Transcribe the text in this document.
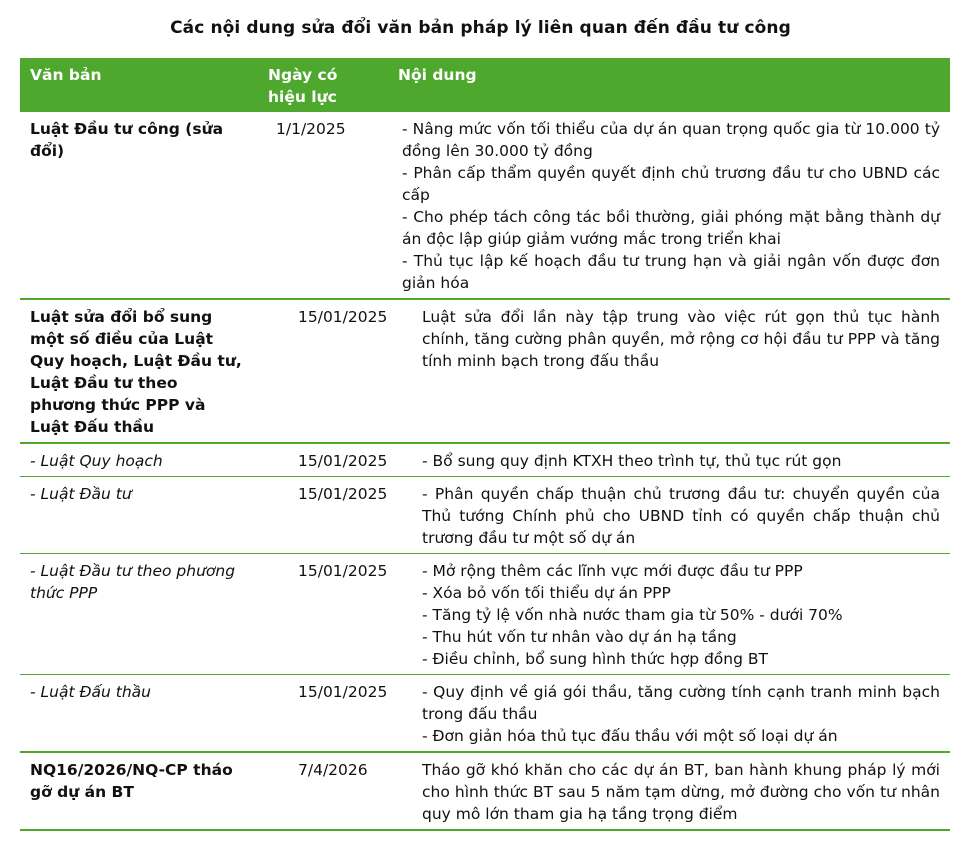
Các nội dung sửa đổi văn bản pháp lý liên quan đến đầu tư công
Văn bản	Ngày có hiệu lực	Nội dung
Luật Đầu tư công (sửa đổi)	1/1/2025	- Nâng mức vốn tối thiểu của dự án quan trọng quốc gia từ 10.000 tỷ đồng lên 30.000 tỷ đồng
- Phân cấp thẩm quyền quyết định chủ trương đầu tư cho UBND các cấp
- Cho phép tách công tác bồi thường, giải phóng mặt bằng thành dự án độc lập giúp giảm vướng mắc trong triển khai
- Thủ tục lập kế hoạch đầu tư trung hạn và giải ngân vốn được đơn giản hóa

Luật sửa đổi bổ sung một số điều của Luật Quy hoạch, Luật Đầu tư, Luật Đầu tư theo phương thức PPP và Luật Đấu thầu	15/01/2025	Luật sửa đổi lần này tập trung vào việc rút gọn thủ tục hành chính, tăng cường phân quyền, mở rộng cơ hội đầu tư PPP và tăng tính minh bạch trong đấu thầu

- Luật Quy hoạch	15/01/2025	- Bổ sung quy định KTXH theo trình tự, thủ tục rút gọn

- Luật Đầu tư	15/01/2025	- Phân quyền chấp thuận chủ trương đầu tư: chuyển quyền của Thủ tướng Chính phủ cho UBND tỉnh có quyền chấp thuận chủ trương đầu tư một số dự án

- Luật Đầu tư theo phương thức PPP	15/01/2025	- Mở rộng thêm các lĩnh vực mới được đầu tư PPP
- Xóa bỏ vốn tối thiểu dự án PPP
- Tăng tỷ lệ vốn nhà nước tham gia từ 50% - dưới 70%
- Thu hút vốn tư nhân vào dự án hạ tầng
- Điều chỉnh, bổ sung hình thức hợp đồng BT

- Luật Đấu thầu	15/01/2025	- Quy định về giá gói thầu, tăng cường tính cạnh tranh minh bạch trong đấu thầu
- Đơn giản hóa thủ tục đấu thầu với một số loại dự án

NQ16/2026/NQ-CP tháo gỡ dự án BT	7/4/2026	Tháo gỡ khó khăn cho các dự án BT, ban hành khung pháp lý mới cho hình thức BT sau 5 năm tạm dừng, mở đường cho vốn tư nhân quy mô lớn tham gia hạ tầng trọng điểm
